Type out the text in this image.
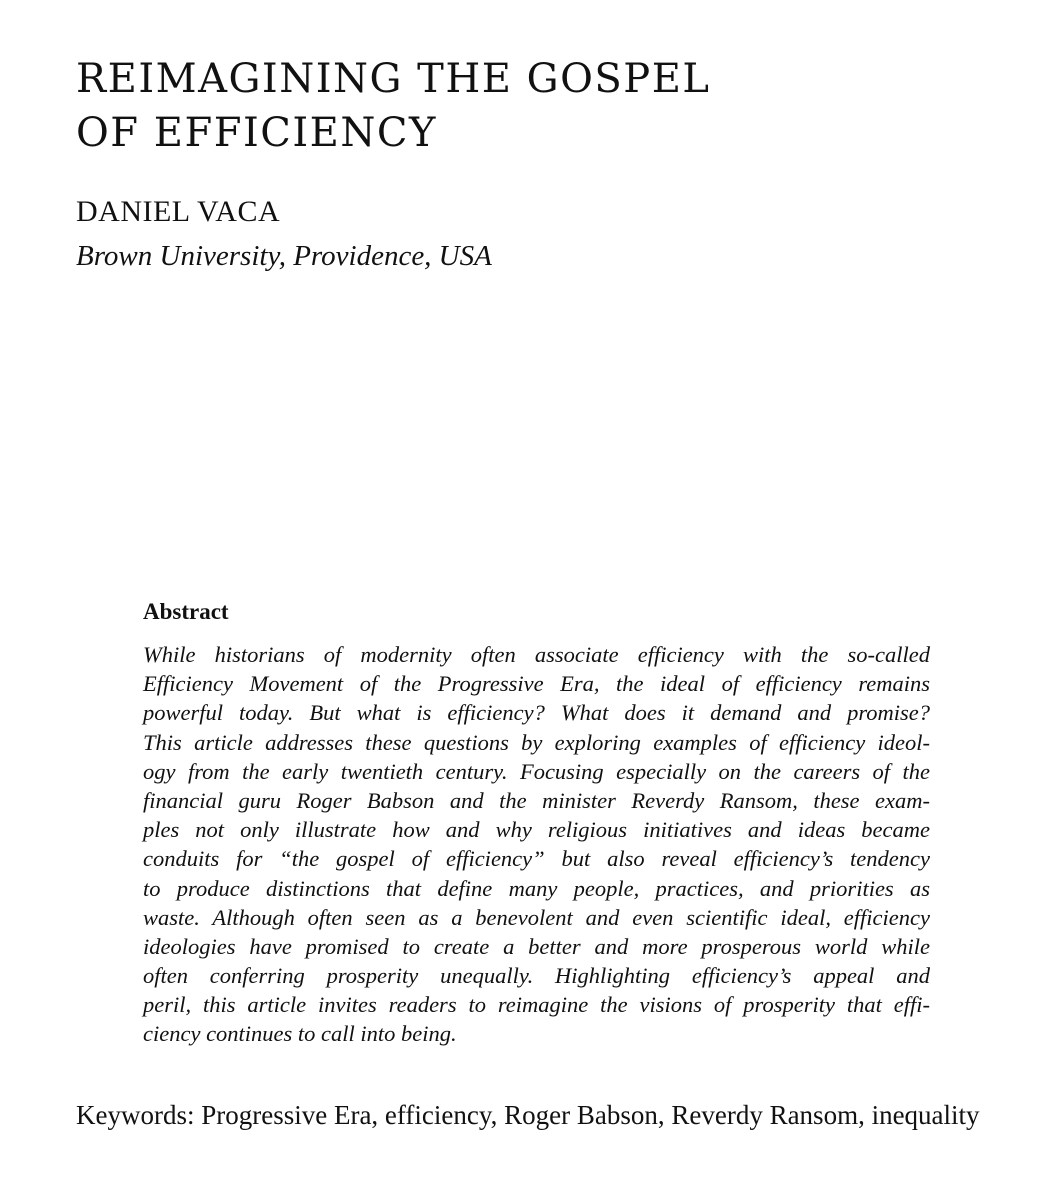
REIMAGINING THE GOSPEL
OF EFFICIENCY

DANIEL VACA

Brown University, Providence, USA

Abstract
While historians of modernity often associate efficiency with the so-called
Efficiency Movement of the Progressive Era, the ideal of efficiency remains
powerful today. But what is efficiency? What does it demand and promise?
This article addresses these questions by exploring examples of efficiency ideol-
ogy from the early twentieth century. Focusing especially on the careers of the
financial guru Roger Babson and the minister Reverdy Ransom, these exam-
ples not only illustrate how and why religious initiatives and ideas became
conduits for “the gospel of efficiency” but also reveal efficiency’s tendency
to produce distinctions that define many people, practices, and priorities as
waste. Although often seen as a benevolent and even scientific ideal, efficiency
ideologies have promised to create a better and more prosperous world while
often conferring prosperity unequally. Highlighting efficiency’s appeal and
peril, this article invites readers to reimagine the visions of prosperity that effi-
ciency continues to call into being.

Keywords: Progressive Era, efficiency, Roger Babson, Reverdy Ransom, inequality
